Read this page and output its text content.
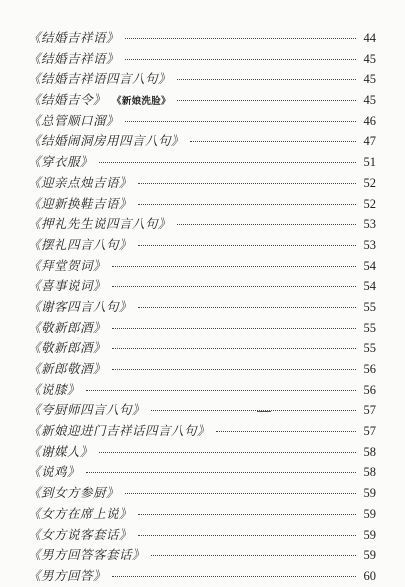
《结婚吉祥语》	44
《结婚吉祥语》	45
《结婚吉祥语四言八句》	45
《结婚吉令》 《新娘洗脸》	45
《总管顺口溜》	46
《结婚闹洞房用四言八句》	47
《穿衣服》	51
《迎亲点烛吉语》	52
《迎新换鞋吉语》	52
《押礼先生说四言八句》	53
《摆礼四言八句》	53
《拜堂贺词》	54
《喜事说词》	54
《谢客四言八句》	55
《敬新郎酒》	55
《敬新郎酒》	55
《新郎敬酒》	56
《说膝》	56
《夸厨师四言八句》	57
《新娘迎进门吉祥话四言八句》	57
《谢媒人》	58
《说鸡》	58
《到女方参厨》	59
《女方在席上说》	59
《女方说客套话》	59
《男方回答客套话》	59
《男方回答》	60
